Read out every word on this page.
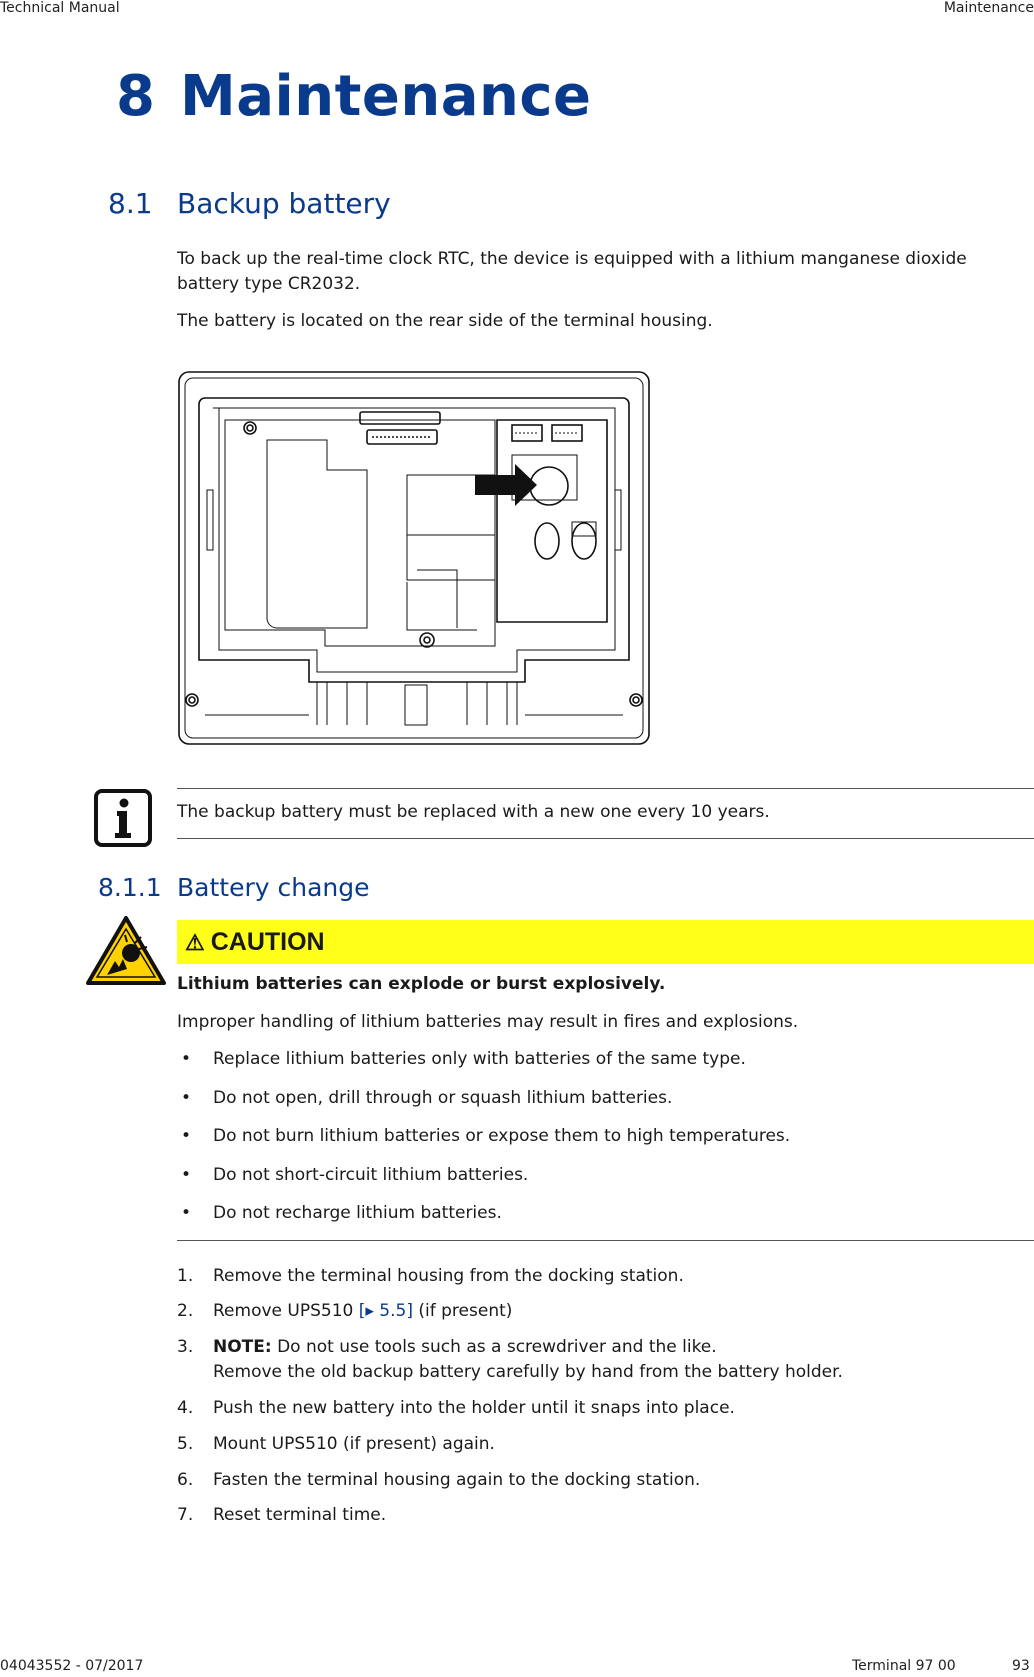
Technical Manual	Maintenance
04043552 - 07/2017	Terminal 97 00	93
8 Maintenance
8.1 Backup battery
To back up the real-time clock RTC, the device is equipped with a lithium manganese dioxide
battery type CR2032.
The battery is located on the rear side of the terminal housing.
The backup battery must be replaced with a new one every 10 years.
8.1.1 Battery change
⚠ CAUTION
Lithium batteries can explode or burst explosively.
Improper handling of lithium batteries may result in fires and explosions.
• Replace lithium batteries only with batteries of the same type.
• Do not open, drill through or squash lithium batteries.
• Do not burn lithium batteries or expose them to high temperatures.
• Do not short-circuit lithium batteries.
• Do not recharge lithium batteries.
1. Remove the terminal housing from the docking station.
2. Remove UPS510 [▸ 5.5] (if present)
3. NOTE: Do not use tools such as a screwdriver and the like.
Remove the old backup battery carefully by hand from the battery holder.
4. Push the new battery into the holder until it snaps into place.
5. Mount UPS510 (if present) again.
6. Fasten the terminal housing again to the docking station.
7. Reset terminal time.
